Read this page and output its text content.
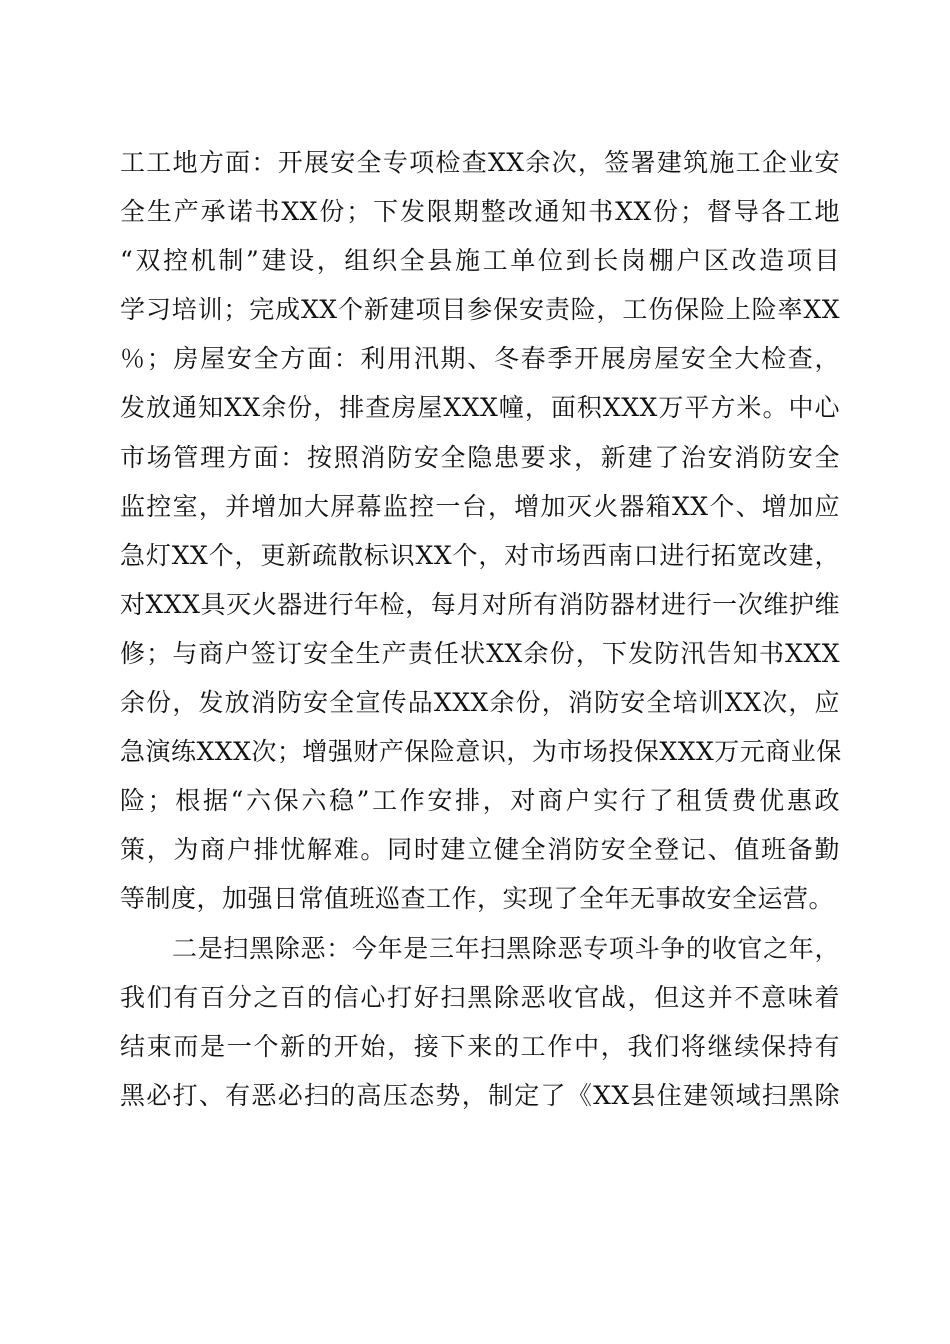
工工地方面：开展安全专项检查XX余次，签署建筑施工企业安
全生产承诺书XX份；下发限期整改通知书XX份；督导各工地
“双控机制”建设，组织全县施工单位到长岗棚户区改造项目
学习培训；完成XX个新建项目参保安责险，工伤保险上险率XX
％；房屋安全方面：利用汛期、冬春季开展房屋安全大检查，
发放通知XX余份，排查房屋XXX幢，面积XXX万平方米。中心
市场管理方面：按照消防安全隐患要求，新建了治安消防安全
监控室，并增加大屏幕监控一台，增加灭火器箱XX个、增加应
急灯XX个，更新疏散标识XX个，对市场西南口进行拓宽改建，
对XXX具灭火器进行年检，每月对所有消防器材进行一次维护维
修；与商户签订安全生产责任状XX余份，下发防汛告知书XXX
余份，发放消防安全宣传品XXX余份，消防安全培训XX次，应
急演练XXX次；增强财产保险意识，为市场投保XXX万元商业保
险；根据“六保六稳”工作安排，对商户实行了租赁费优惠政
策，为商户排忧解难。同时建立健全消防安全登记、值班备勤
等制度，加强日常值班巡查工作，实现了全年无事故安全运营。
二是扫黑除恶：今年是三年扫黑除恶专项斗争的收官之年，
我们有百分之百的信心打好扫黑除恶收官战，但这并不意味着
结束而是一个新的开始，接下来的工作中，我们将继续保持有
黑必打、有恶必扫的高压态势，制定了《XX县住建领域扫黑除
